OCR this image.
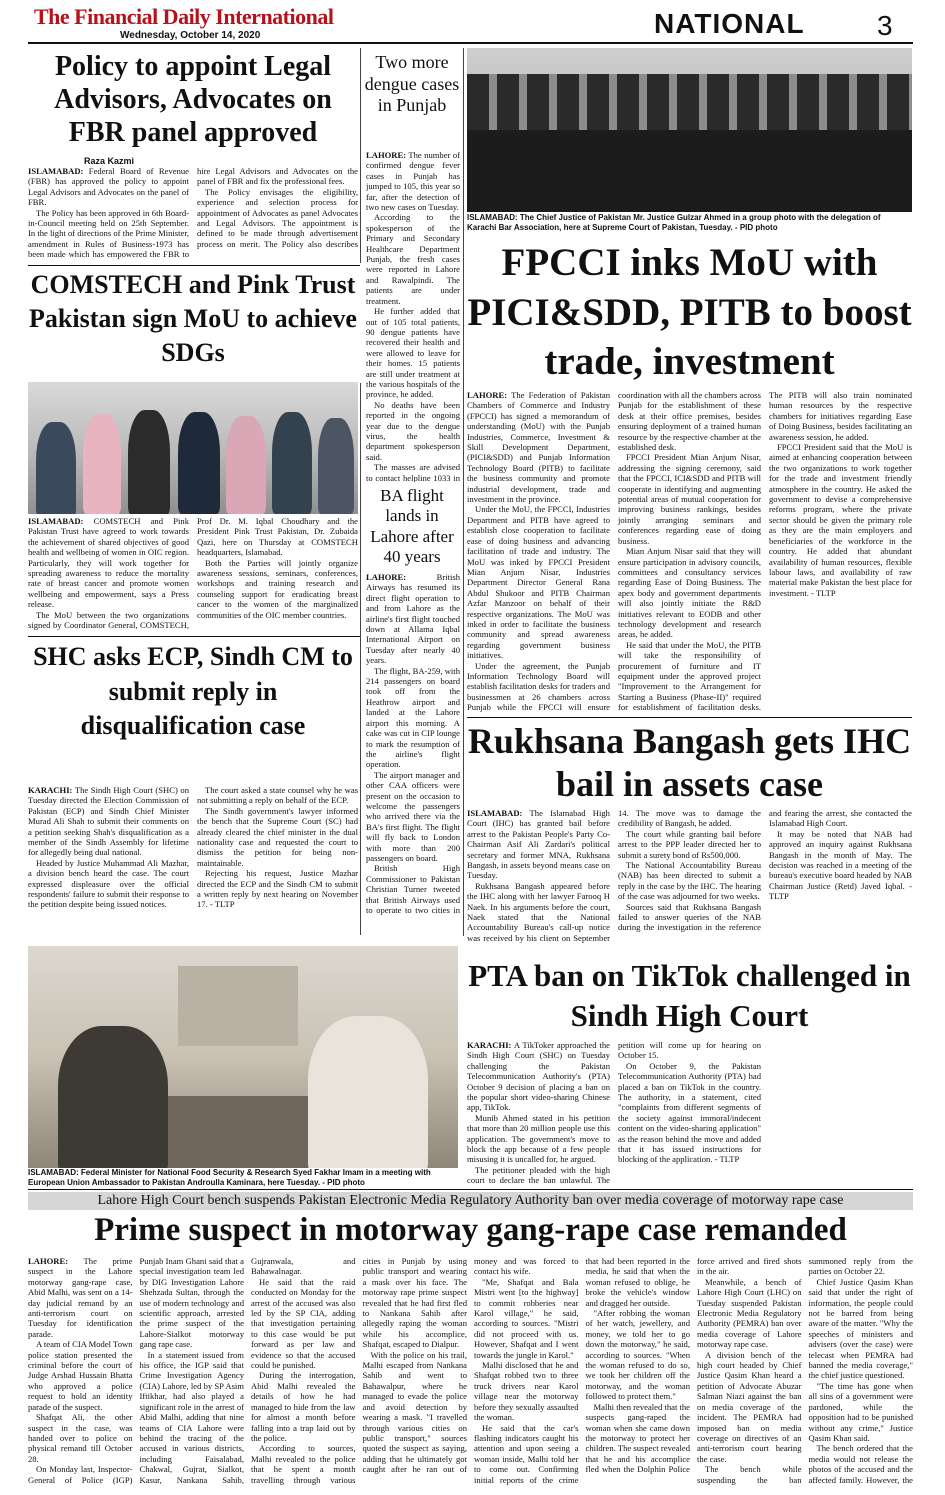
The Financial Daily International
Wednesday, October 14, 2020	NATIONAL	3
Policy to appoint Legal Advisors, Advocates on FBR panel approved
Raza Kazmi

ISLAMABAD: Federal Board of Revenue (FBR) has approved the policy to appoint Legal Advisors and Advocates on the panel of FBR.

The Policy has been approved in 6th Board-in-Council meeting held on 25th September. In the light of directions of the Prime Minister, amendment in Rules of Business-1973 has been made which has empowered the FBR to hire Legal Advisors and Advocates on the panel of FBR and fix the professional fees.

The Policy envisages the eligibility, experience and selection process for appointment of Advocates as panel Advocates and Legal Advisors. The appointment is defined to be made through advertisement process on merit. The Policy also describes

COMSTECH and Pink Trust Pakistan sign MoU to achieve SDGs

ISLAMABAD: COMSTECH and Pink Pakistan Trust have agreed to work towards the achievement of shared objectives of good health and wellbeing of women in OIC region. Particularly, they will work together for spreading awareness to reduce the mortality rate of breast cancer and promote women wellbeing and empowerment, says a Press release.

The MoU between the two organizations signed by Coordinator General, COMSTECH, Prof Dr. M. Iqbal Choudhary and the President Pink Trust Pakistan, Dr. Zubaida Qazi, here on Thursday at COMSTECH headquarters, Islamabad.

Both the Parties will jointly organize awareness sessions, seminars, conferences, workshops and training research and counseling support for eradicating breast cancer to the women of the marginalized communities of the OIC member countries.

SHC asks ECP, Sindh CM to submit reply in disqualification case

KARACHI: The Sindh High Court (SHC) on Tuesday directed the Election Commission of Pakistan (ECP) and Sindh Chief Minister Murad Ali Shah to submit their comments on a petition seeking Shah's disqualification as a member of the Sindh Assembly for lifetime for allegedly being dual national.

Headed by Justice Muhammad Ali Mazhar, a division bench heard the case. The court expressed displeasure over the official respondents' failure to submit their response to the petition despite being issued notices.

The court asked a state counsel why he was not submitting a reply on behalf of the ECP.

The Sindh government's lawyer informed the bench that the Supreme Court (SC) had already cleared the chief minister in the dual nationality case and requested the court to dismiss the petition for being non-maintainable.

Rejecting his request, Justice Mazhar directed the ECP and the Sindh CM to submit a written reply by next hearing on November 17. - TLTP

Two more dengue cases in Punjab

LAHORE: The number of confirmed dengue fever cases in Punjab has jumped to 105, this year so far, after the detection of two new cases on Tuesday.

According to the spokesperson of the Primary and Secondary Healthcare Department Punjab, the fresh cases were reported in Lahore and Rawalpindi. The patients are under treatment.

He further added that out of 105 total patients, 90 dengue patients have recovered their health and were allowed to leave for their homes. 15 patients are still under treatment at the various hospitals of the province, he added.

No deaths have been reported in the ongoing year due to the dengue virus, the health department spokesperson said.

The masses are advised to contact helpline 1033 in

BA flight lands in Lahore after 40 years

LAHORE:	British Airways has resumed its direct flight operation to and from Lahore as the airline's first flight touched down at Allama Iqbal International Airport on Tuesday after nearly 40 years.

The flight, BA-259, with 214 passengers on board took off from the Heathrow airport and landed at the Lahore airport this morning. A cake was cut in CIP lounge to mark the resumption of the airline's flight operation.

The airport manager and other CAA officers were present on the occasion to welcome the passengers who arrived there via the BA's first flight. The flight will fly back to London with more than 200 passengers on board.

British High Commissioner to Pakistan Christian Turner tweeted that British Airways used to operate to two cities in

ISLAMABAD: The Chief Justice of Pakistan Mr. Justice Gulzar Ahmed in a group photo with the delegation of Karachi Bar Association, here at Supreme Court of Pakistan, Tuesday. - PID photo
FPCCI inks MoU with PICI&SDD, PITB to boost trade, investment

LAHORE: The Federation of Pakistan Chambers of Commerce and Industry (FPCCI) has signed a memorandum of understanding (MoU) with the Punjab Industries, Commerce, Investment & Skill Development Department, (PICI&SDD) and Punjab Information Technology Board (PITB) to facilitate the business community and promote industrial development, trade and investment in the province.

Under the MoU, the FPCCI, Industries Department and PITB have agreed to establish close cooperation to facilitate ease of doing business and advancing facilitation of trade and industry. The MoU was inked by FPCCI President Mian Anjum Nisar, Industries Department Director General Rana Abdul Shukoor and PITB Chairman Azfar Manzoor on behalf of their respective organizations. The MoU was inked in order to facilitate the business community and spread awareness regarding government business initiatives.

Under the agreement, the Punjab Information Technology Board will establish facilitation desks for traders and businessmen at 26 chambers across Punjab while the FPCCI will ensure coordination with all the chambers across Punjab for the establishment of these desk at their office premises, besides ensuring deployment of a trained human resource by the respective chamber at the established desk.

FPCCI President Mian Anjum Nisar, addressing the signing ceremony, said that the FPCCI, ICI&SDD and PITB will cooperate in identifying and augmenting potential areas of mutual cooperation for improving business rankings, besides jointly arranging seminars and conferences regarding ease of doing business.

Mian Anjum Nisar said that they will ensure participation in advisory councils, committees and consultancy services regarding Ease of Doing Business. The apex body and government departments will also jointly initiate the R&D initiatives relevant to EODB and other technology development and research areas, he added.

He said that under the MoU, the PITB will take the responsibility of procurement of furniture and IT equipment under the approved project "Improvement to the Arrangement for Starting a Business (Phase-II)" required for establishment of facilitation desks. The PITB will also train nominated human resources by the respective chambers for initiatives regarding Ease of Doing Business, besides facilitating an awareness session, he added.

FPCCI President said that the MoU is aimed at enhancing cooperation between the two organizations to work together for the trade and investment friendly atmosphere in the country. He asked the government to devise a comprehensive reforms program, where the private sector should be given the primary role as they are the main employers and beneficiaries of the workforce in the country. He added that abundant availability of human resources, flexible labour laws, and availability of raw material make Pakistan the best place for investment. - TLTP

Rukhsana Bangash gets IHC bail in assets case

ISLAMABAD: The Islamabad High Court (IHC) has granted bail before arrest to the Pakistan People's Party Co-Chairman Asif Ali Zardari's political secretary and former MNA, Rukhsana Bangash, in assets beyond means case on Tuesday.

Rukhsana Bangash appeared before the IHC along with her lawyer Farooq H Naek. In his arguments before the court, Naek stated that the National Accountability Bureau's call-up notice was received by his client on September 14. The move was to damage the credibility of Bangash, he added.

The court while granting bail before arrest to the PPP leader directed her to submit a surety bond of Rs500,000.

The National Accountability Bureau (NAB) has been directed to submit a reply in the case by the IHC. The hearing of the case was adjourned for two weeks.

Sources said that Rukhsana Bangash failed to answer queries of the NAB during the investigation in the reference and fearing the arrest, she contacted the Islamabad High Court.

It may be noted that NAB had approved an inquiry against Rukhsana Bangash in the month of May. The decision was reached in a meeting of the bureau's executive board headed by NAB Chairman Justice (Retd) Javed Iqbal. - TLTP

ISLAMABAD: Federal Minister for National Food Security & Research Syed Fakhar Imam in a meeting with European Union Ambassador to Pakistan Androulla Kaminara, here Tuesday. - PID photo
PTA ban on TikTok challenged in Sindh High Court

KARACHI: A TikToker approached the Sindh High Court (SHC) on Tuesday challenging the Pakistan Telecommunication Authority's (PTA) October 9 decision of placing a ban on the popular short video-sharing Chinese app, TikTok.

Munib Ahmed stated in his petition that more than 20 million people use this application. The government's move to block the app because of a few people misusing it is uncalled for, he argued.

The petitioner pleaded with the high court to declare the ban unlawful. The petition will come up for hearing on October 15.

On October 9, the Pakistan Telecommunication Authority (PTA) had placed a ban on TikTok in the country. The authority, in a statement, cited "complaints from different segments of the society against immoral/indecent content on the video-sharing application" as the reason behind the move and added that it has issued instructions for blocking of the application. - TLTP

Lahore High Court bench suspends Pakistan Electronic Media Regulatory Authority ban over media coverage of motorway rape case
Prime suspect in motorway gang-rape case remanded

LAHORE: The prime suspect in the Lahore motorway gang-rape case, Abid Malhi, was sent on a 14-day judicial remand by an anti-terrorism court on Tuesday for identification parade.

A team of CIA Model Town police station presented the criminal before the court of Judge Arshad Hussain Bhatta who approved a police request to hold an identity parade of the suspect.

Shafqat Ali, the other suspect in the case, was handed over to police on physical remand till October 28.

On Monday last, Inspector-General of Police (IGP) Punjab Inam Ghani said that a special investigation team led by DIG Investigation Lahore Shehzada Sultan, through the use of modern technology and scientific approach, arrested the prime suspect of the Lahore-Sialkot motorway gang rape case.

In a statement issued from his office, the IGP said that Crime Investigation Agency (CIA) Lahore, led by SP Asim Iftikhar, had also played a significant role in the arrest of Abid Malhi, adding that nine teams of CIA Lahore were behind the tracing of the accused in various districts, including Faisalabad, Chakwal, Gujrat, Sialkot, Kasur, Nankana Sahib, Gujranwala, and Bahawalnagar.

He said that the raid conducted on Monday for the arrest of the accused was also led by the SP CIA, adding that investigation pertaining to this case would be put forward as per law and evidence so that the accused could be punished.

During the interrogation, Abid Malhi revealed the details of how he had managed to hide from the law for almost a month before falling into a trap laid out by the police.

According to sources, Malhi revealed to the police that he spent a month travelling through various cities in Punjab by using public transport and wearing a mask over his face. The motorway rape prime suspect revealed that he had first fled to Nankana Sahib after allegedly raping the woman while his accomplice, Shafqat, escaped to Dialpur.

With the police on his trail, Malhi escaped from Nankana Sahib and went to Bahawalpur, where he managed to evade the police and avoid detection by wearing a mask. "I travelled through various cities on public transport," sources quoted the suspect as saying, adding that he ultimately got caught after he ran out of money and was forced to contact his wife.

"Me, Shafqat and Bala Mistri went [to the highway] to commit robberies near Karol village," he said, according to sources. "Mistri did not proceed with us. However, Shafqat and I went towards the jungle in Karol."

Malhi disclosed that he and Shafqat robbed two to three truck drivers near Karol village near the motorway before they sexually assaulted the woman.

He said that the car's flashing indicators caught his attention and upon seeing a woman inside, Malhi told her to come out. Confirming initial reports of the crime that had been reported in the media, he said that when the woman refused to oblige, he broke the vehicle's window and dragged her outside.

"After robbing the woman of her watch, jewellery, and money, we told her to go down the motorway," he said, according to sources. "When the woman refused to do so, we took her children off the motorway, and the woman followed to protect them."

Malhi then revealed that the suspects gang-raped the woman when she came down the motorway to protect her children. The suspect revealed that he and his accomplice fled when the Dolphin Police force arrived and fired shots in the air.

Meanwhile, a bench of Lahore High Court (LHC) on Tuesday suspended Pakistan Electronic Media Regulatory Authority (PEMRA) ban over media coverage of Lahore motorway rape case.

A division bench of the high court headed by Chief Justice Qasim Khan heard a petition of Advocate Abuzar Salman Niazi against the ban on media coverage of the incident. The PEMRA had imposed ban on media coverage on directives of an anti-terrorism court hearing the case.

The bench while suspending the ban summoned reply from the parties on October 22.

Chief Justice Qasim Khan said that under the right of information, the people could not be barred from being aware of the matter. "Why the speeches of ministers and advisers (over the case) were telecast when PEMRA had banned the media coverage," the chief justice questioned.

"The time has gone when all sins of a government were pardoned, while the opposition had to be punished without any crime," Justice Qasim Khan said.

The bench ordered that the media would not release the photos of the accused and the affected family. However, the
